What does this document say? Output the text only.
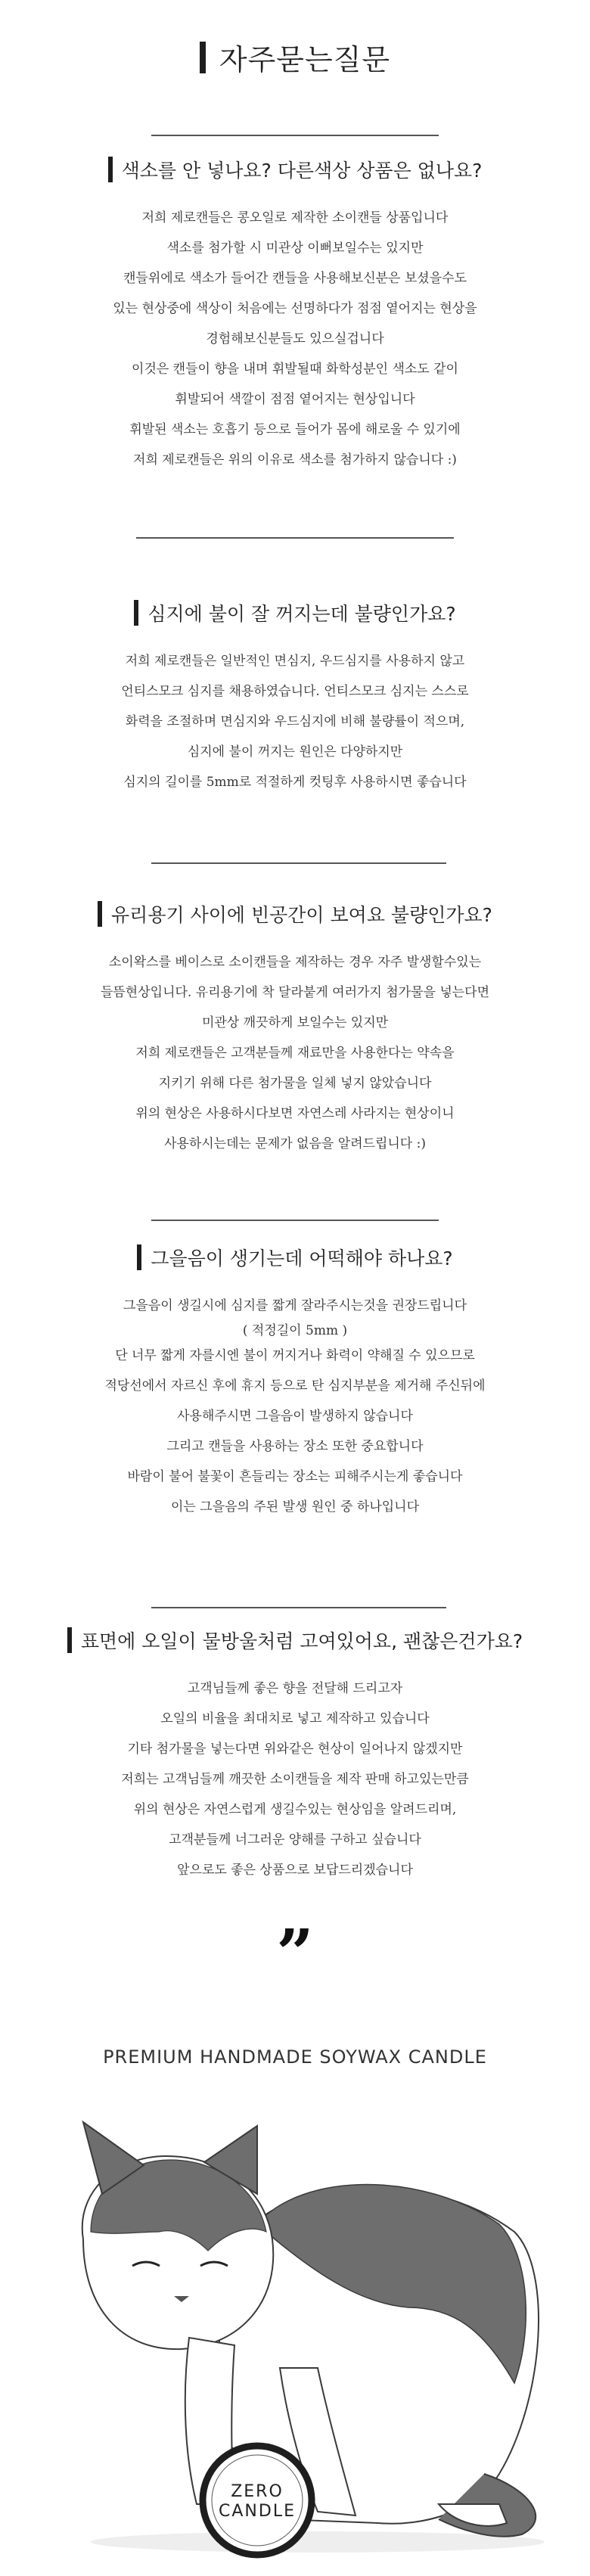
자주묻는질문
색소를 안 넣나요? 다른색상 상품은 없나요?
저희 제로캔들은 콩오일로 제작한 소이캔들 상품입니다
색소를 첨가할 시 미관상 이뻐보일수는 있지만
캔들위에로 색소가 들어간 캔들을 사용해보신분은 보셨을수도
있는 현상중에 색상이 처음에는 선명하다가 점점 옅어지는 현상을
경험해보신분들도 있으실겁니다
이것은 캔들이 향을 내며 휘발될때 화학성분인 색소도 같이
휘발되어 색깔이 점점 옅어지는 현상입니다
휘발된 색소는 호흡기 등으로 들어가 몸에 해로울 수 있기에
저희 제로캔들은 위의 이유로 색소를 첨가하지 않습니다 :)
심지에 불이 잘 꺼지는데 불량인가요?
저희 제로캔들은 일반적인 면심지, 우드심지를 사용하지 않고
언티스모크 심지를 채용하였습니다. 언티스모크 심지는 스스로
화력을 조절하며 면심지와 우드심지에 비해 불량률이 적으며,
심지에 불이 꺼지는 원인은 다양하지만
심지의 길이를 5mm로 적절하게 컷팅후 사용하시면 좋습니다
유리용기 사이에 빈공간이 보여요 불량인가요?
소이왁스를 베이스로 소이캔들을 제작하는 경우 자주 발생할수있는
들뜸현상입니다. 유리용기에 착 달라붙게 여러가지 첨가물을 넣는다면
미관상 깨끗하게 보일수는 있지만
저희 제로캔들은 고객분들께 재료만을 사용한다는 약속을
지키기 위해 다른 첨가물을 일체 넣지 않았습니다
위의 현상은 사용하시다보면 자연스레 사라지는 현상이니
사용하시는데는 문제가 없음을 알려드립니다 :)
그을음이 생기는데 어떡해야 하나요?
그을음이 생길시에 심지를 짧게 잘라주시는것을 권장드립니다
( 적정길이 5mm )
단 너무 짧게 자를시엔 불이 꺼지거나 화력이 약해질 수 있으므로
적당선에서 자르신 후에 휴지 등으로 탄 심지부분을 제거해 주신뒤에
사용해주시면 그을음이 발생하지 않습니다
그리고 캔들을 사용하는 장소 또한 중요합니다
바람이 불어 불꽃이 흔들리는 장소는 피해주시는게 좋습니다
이는 그을음의 주된 발생 원인 중 하나입니다
표면에 오일이 물방울처럼 고여있어요, 괜찮은건가요?
고객님들께 좋은 향을 전달해 드리고자
오일의 비율을 최대치로 넣고 제작하고 있습니다
기타 첨가물을 넣는다면 위와같은 현상이 일어나지 않겠지만
저희는 고객님들께 깨끗한 소이캔들을 제작 판매 하고있는만큼
위의 현상은 자연스럽게 생길수있는 현상임을 알려드리며,
고객분들께 너그러운 양해를 구하고 싶습니다
앞으로도 좋은 상품으로 보답드리겠습니다
”
PREMIUM HANDMADE SOYWAX CANDLE
ZERO
CANDLE
